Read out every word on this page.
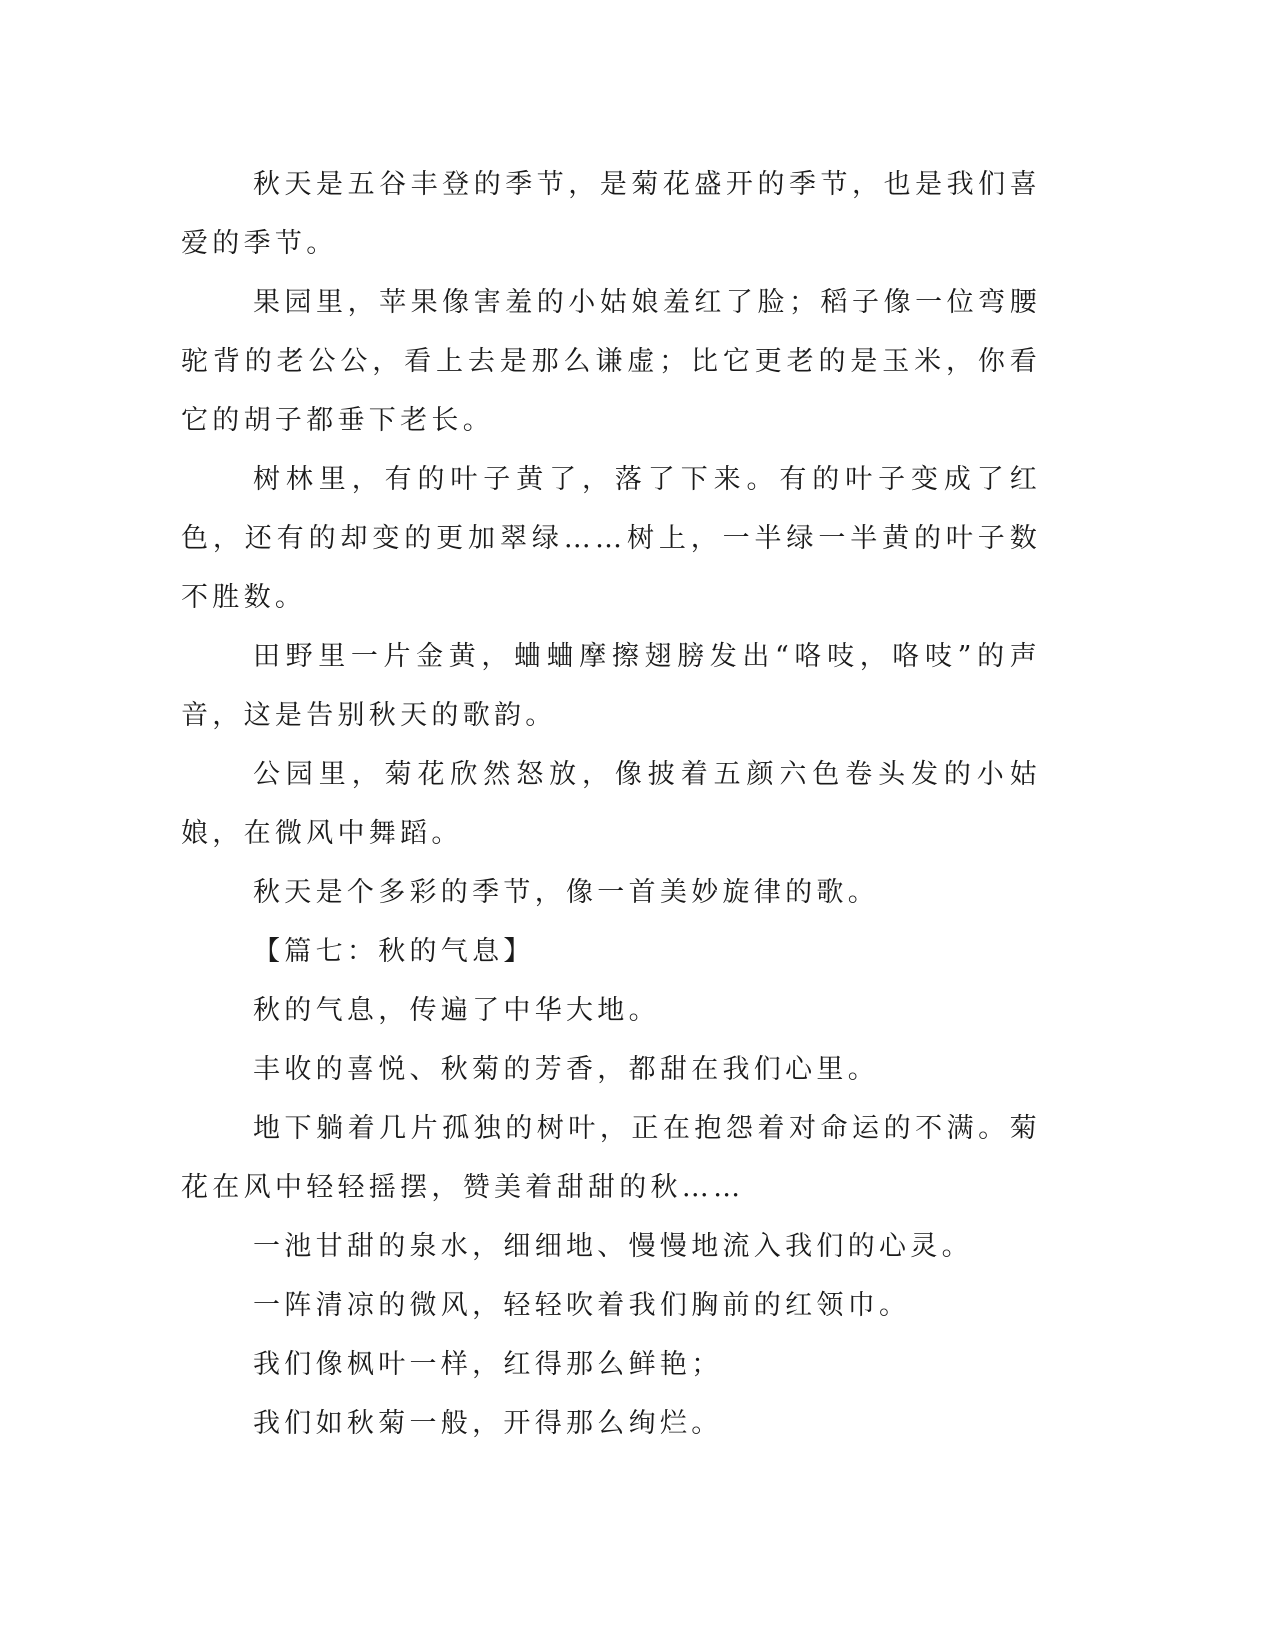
秋天是五谷丰登的季节，是菊花盛开的季节，也是我们喜爱的季节。

果园里，苹果像害羞的小姑娘羞红了脸；稻子像一位弯腰驼背的老公公，看上去是那么谦虚；比它更老的是玉米，你看它的胡子都垂下老长。

树林里，有的叶子黄了，落了下来。有的叶子变成了红色，还有的却变的更加翠绿……树上，一半绿一半黄的叶子数不胜数。

田野里一片金黄，蛐蛐摩擦翅膀发出“咯吱，咯吱”的声音，这是告别秋天的歌韵。

公园里，菊花欣然怒放，像披着五颜六色卷头发的小姑娘，在微风中舞蹈。

秋天是个多彩的季节，像一首美妙旋律的歌。

【篇七：秋的气息】

秋的气息，传遍了中华大地。

丰收的喜悦、秋菊的芳香，都甜在我们心里。

地下躺着几片孤独的树叶，正在抱怨着对命运的不满。菊花在风中轻轻摇摆，赞美着甜甜的秋……

一池甘甜的泉水，细细地、慢慢地流入我们的心灵。

一阵清凉的微风，轻轻吹着我们胸前的红领巾。

我们像枫叶一样，红得那么鲜艳；

我们如秋菊一般，开得那么绚烂。
